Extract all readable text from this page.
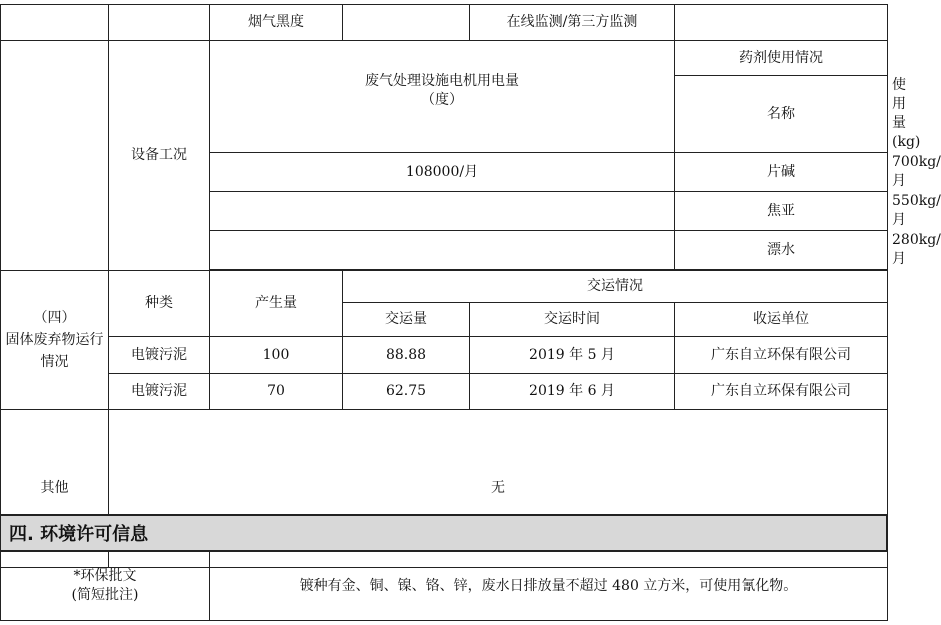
		烟气黑度		在线监测/第三方监测		
	设备工况	废气处理设施电机用电量
（度）			药剂使用情况	
					名称	使用量(kg)
		108000/月			片碱	700kg/月
					焦亚	550kg/月
					漂水	280kg/月

（四）
固体废弃物运行
情况	种类	产生量	交运情况			
			交运量	交运时间	收运单位	
	电镀污泥	100	88.88	2019 年 5 月	广东自立环保有限公司	
	电镀污泥	70	62.75	2019 年 6 月	广东自立环保有限公司	
其他	无					
四. 环境许可信息
*环保批文
(简短批注)
	镀种有金、铜、镍、铬、锌，废水日排放量不超过 480 立方米，可使用氰化物。
